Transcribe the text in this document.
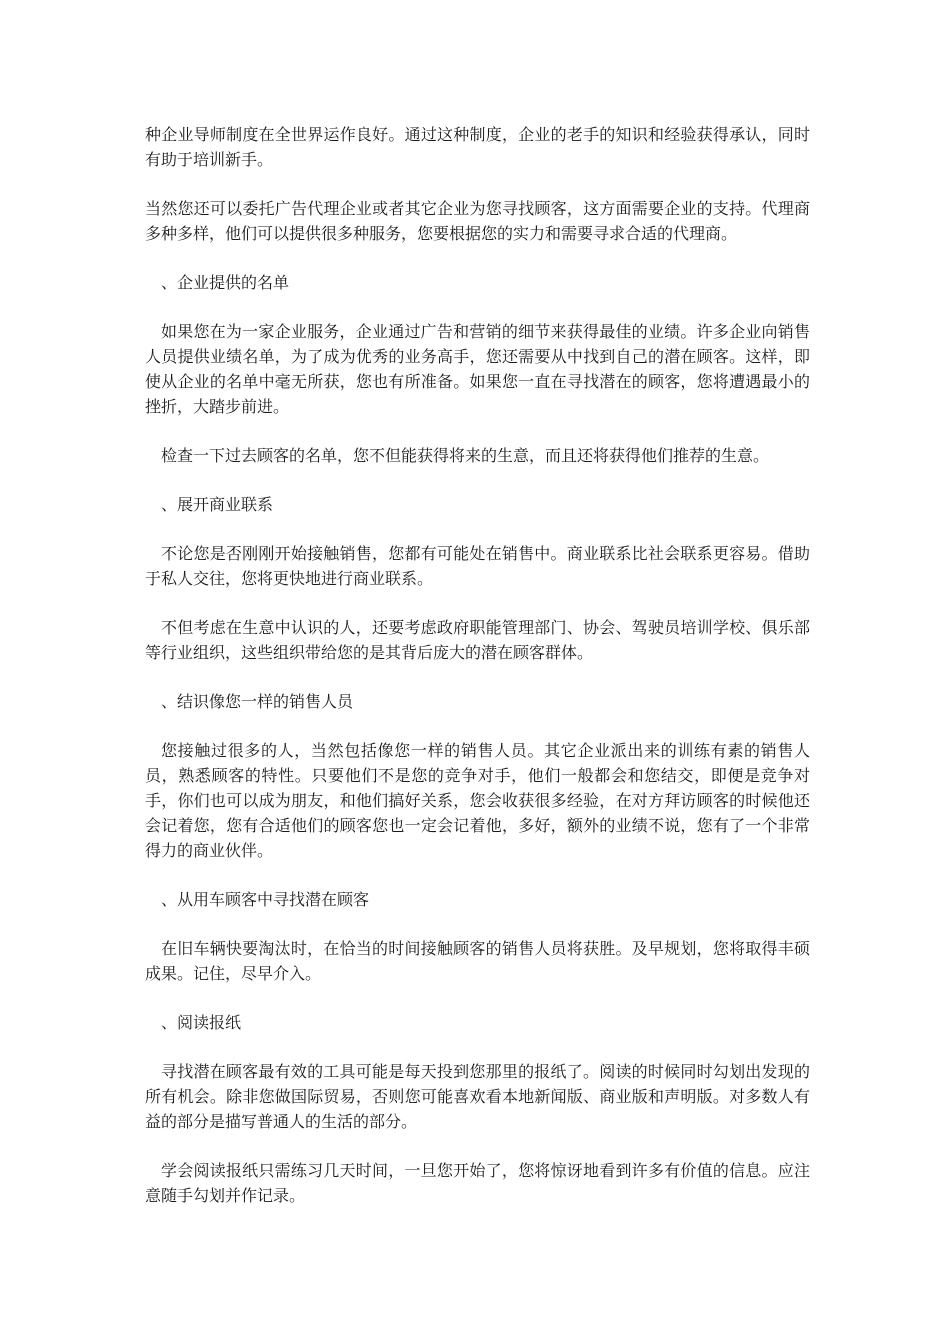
种企业导师制度在全世界运作良好。通过这种制度，企业的老手的知识和经验获得承认，同时有助于培训新手。

当然您还可以委托广告代理企业或者其它企业为您寻找顾客，这方面需要企业的支持。代理商多种多样，他们可以提供很多种服务，您要根据您的实力和需要寻求合适的代理商。

、企业提供的名单

如果您在为一家企业服务，企业通过广告和营销的细节来获得最佳的业绩。许多企业向销售人员提供业绩名单，为了成为优秀的业务高手，您还需要从中找到自己的潜在顾客。这样，即使从企业的名单中毫无所获，您也有所准备。如果您一直在寻找潜在的顾客，您将遭遇最小的挫折，大踏步前进。

检查一下过去顾客的名单，您不但能获得将来的生意，而且还将获得他们推荐的生意。

、展开商业联系

不论您是否刚刚开始接触销售，您都有可能处在销售中。商业联系比社会联系更容易。借助于私人交往，您将更快地进行商业联系。

不但考虑在生意中认识的人，还要考虑政府职能管理部门、协会、驾驶员培训学校、俱乐部等行业组织，这些组织带给您的是其背后庞大的潜在顾客群体。

、结识像您一样的销售人员

您接触过很多的人，当然包括像您一样的销售人员。其它企业派出来的训练有素的销售人员，熟悉顾客的特性。只要他们不是您的竞争对手，他们一般都会和您结交，即便是竞争对手，你们也可以成为朋友，和他们搞好关系，您会收获很多经验，在对方拜访顾客的时候他还会记着您，您有合适他们的顾客您也一定会记着他，多好，额外的业绩不说，您有了一个非常得力的商业伙伴。

、从用车顾客中寻找潜在顾客

在旧车辆快要淘汰时，在恰当的时间接触顾客的销售人员将获胜。及早规划，您将取得丰硕成果。记住，尽早介入。

、阅读报纸

寻找潜在顾客最有效的工具可能是每天投到您那里的报纸了。阅读的时候同时勾划出发现的所有机会。除非您做国际贸易，否则您可能喜欢看本地新闻版、商业版和声明版。对多数人有益的部分是描写普通人的生活的部分。

学会阅读报纸只需练习几天时间，一旦您开始了，您将惊讶地看到许多有价值的信息。应注意随手勾划并作记录。
